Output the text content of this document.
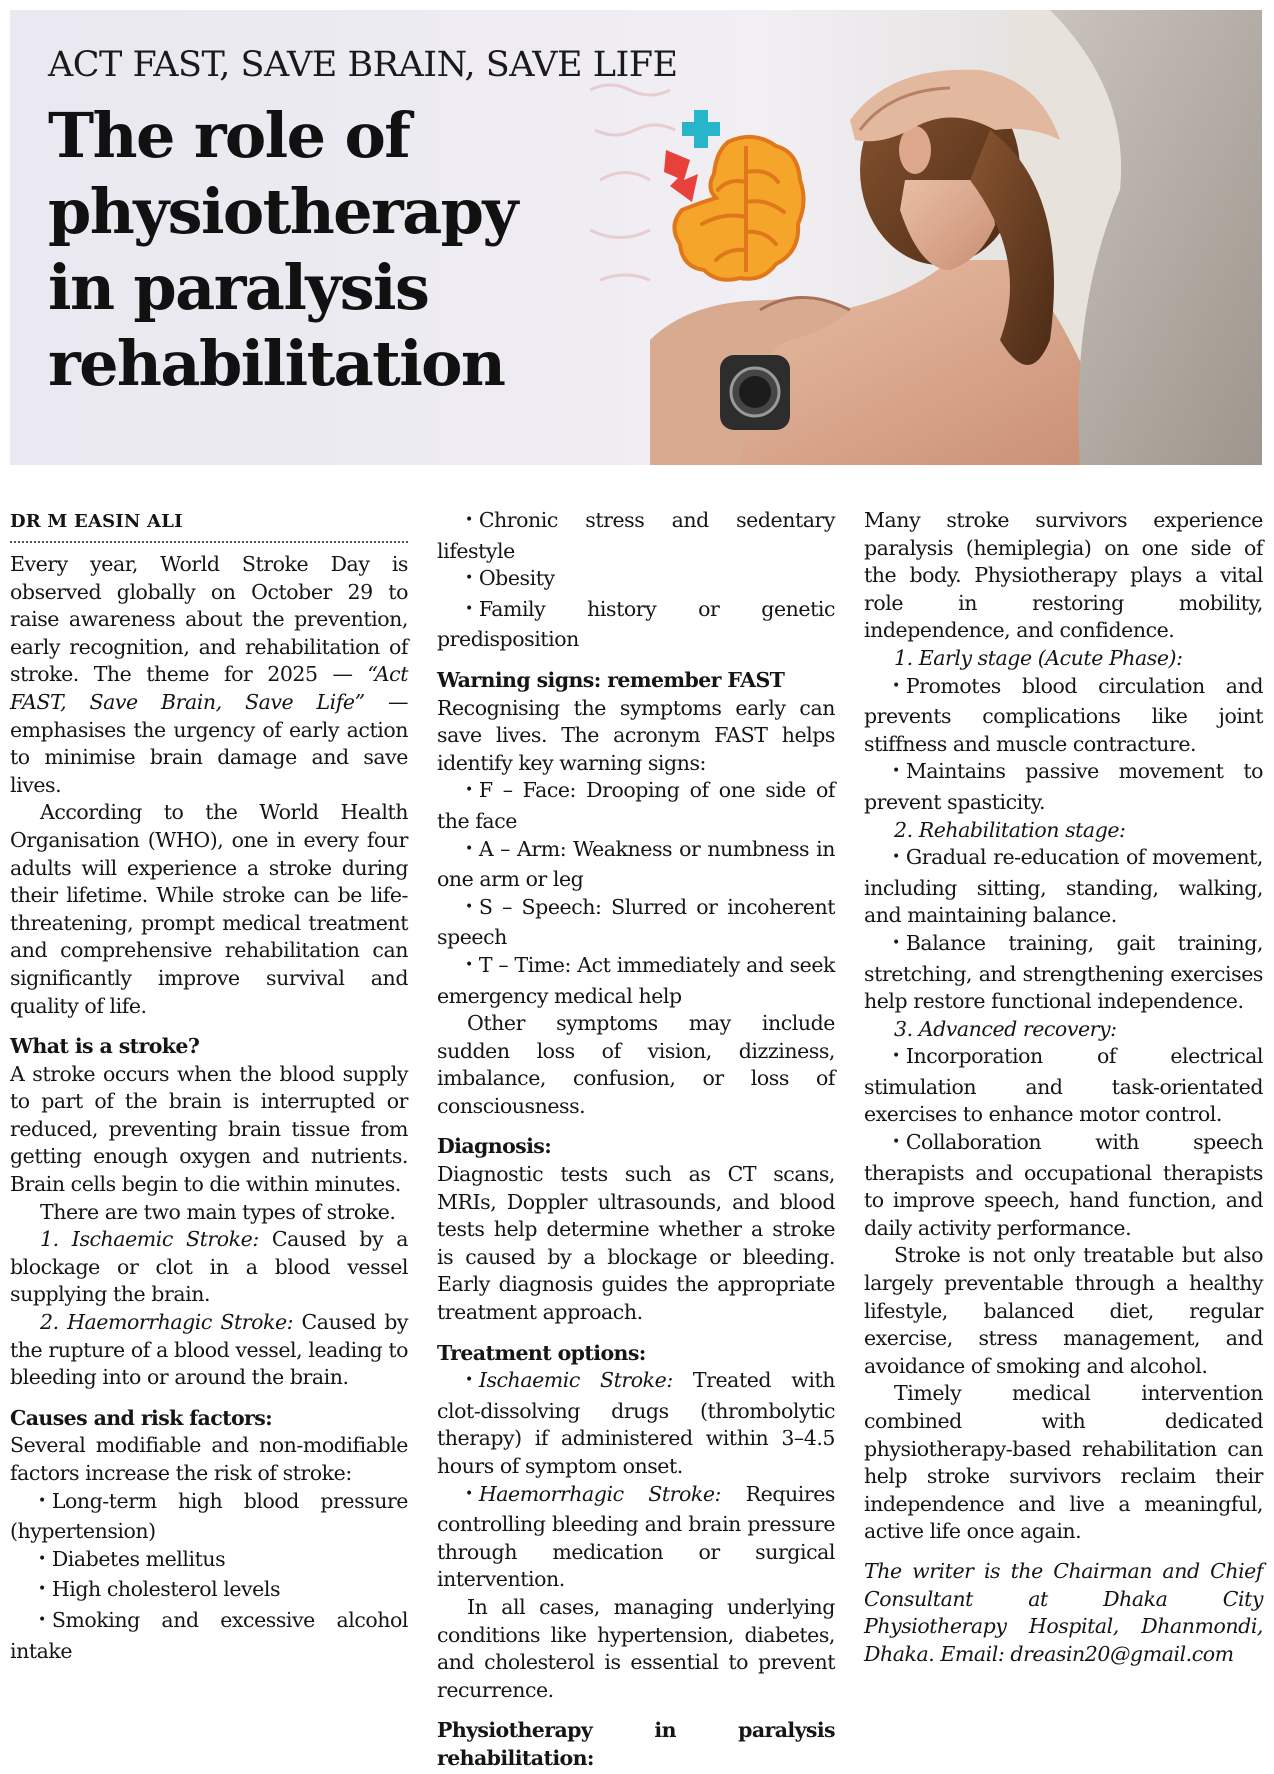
ACT FAST, SAVE BRAIN, SAVE LIFE
The role of
physiotherapy
in paralysis
rehabilitation
DR M EASIN ALI

Every year, World Stroke Day is observed globally on October 29 to raise awareness about the prevention, early recognition, and rehabilitation of stroke. The theme for 2025 — “Act FAST, Save Brain, Save Life” — emphasises the urgency of early action to minimise brain damage and save lives.

According to the World Health Organisation (WHO), one in every four adults will experience a stroke during their lifetime. While stroke can be life-threatening, prompt medical treatment and comprehensive rehabilitation can significantly improve survival and quality of life.

What is a stroke?

A stroke occurs when the blood supply to part of the brain is interrupted or reduced, preventing brain tissue from getting enough oxygen and nutrients. Brain cells begin to die within minutes.

There are two main types of stroke.

1. Ischaemic Stroke: Caused by a blockage or clot in a blood vessel supplying the brain.

2. Haemorrhagic Stroke: Caused by the rupture of a blood vessel, leading to bleeding into or around the brain.

Causes and risk factors:

Several modifiable and non-modifiable factors increase the risk of stroke:

• Long-term high blood pressure (hypertension)

• Diabetes mellitus

• High cholesterol levels

• Smoking and excessive alcohol intake

• Chronic stress and sedentary lifestyle

• Obesity

• Family history or genetic predisposition

Warning signs: remember FAST

Recognising the symptoms early can save lives. The acronym FAST helps identify key warning signs:

• F – Face: Drooping of one side of the face

• A – Arm: Weakness or numbness in one arm or leg

• S – Speech: Slurred or incoherent speech

• T – Time: Act immediately and seek emergency medical help

Other symptoms may include sudden loss of vision, dizziness, imbalance, confusion, or loss of consciousness.

Diagnosis:

Diagnostic tests such as CT scans, MRIs, Doppler ultrasounds, and blood tests help determine whether a stroke is caused by a blockage or bleeding. Early diagnosis guides the appropriate treatment approach.

Treatment options:

• Ischaemic Stroke: Treated with clot-dissolving drugs (thrombolytic therapy) if administered within 3–4.5 hours of symptom onset.

• Haemorrhagic Stroke: Requires controlling bleeding and brain pressure through medication or surgical intervention.

In all cases, managing underlying conditions like hypertension, diabetes, and cholesterol is essential to prevent recurrence.

Physiotherapy in paralysis rehabilitation:

Many stroke survivors experience paralysis (hemiplegia) on one side of the body. Physiotherapy plays a vital role in restoring mobility, independence, and confidence.

1. Early stage (Acute Phase):

• Promotes blood circulation and prevents complications like joint stiffness and muscle contracture.

• Maintains passive movement to prevent spasticity.

2. Rehabilitation stage:

• Gradual re-education of movement, including sitting, standing, walking, and maintaining balance.

• Balance training, gait training, stretching, and strengthening exercises help restore functional independence.

3. Advanced recovery:

• Incorporation of electrical stimulation and task-orientated exercises to enhance motor control.

• Collaboration with speech therapists and occupational therapists to improve speech, hand function, and daily activity performance.

Stroke is not only treatable but also largely preventable through a healthy lifestyle, balanced diet, regular exercise, stress management, and avoidance of smoking and alcohol.

Timely medical intervention combined with dedicated physiotherapy-based rehabilitation can help stroke survivors reclaim their independence and live a meaningful, active life once again.

The writer is the Chairman and Chief Consultant at Dhaka City Physiotherapy Hospital, Dhanmondi, Dhaka. Email: dreasin20@gmail.com
